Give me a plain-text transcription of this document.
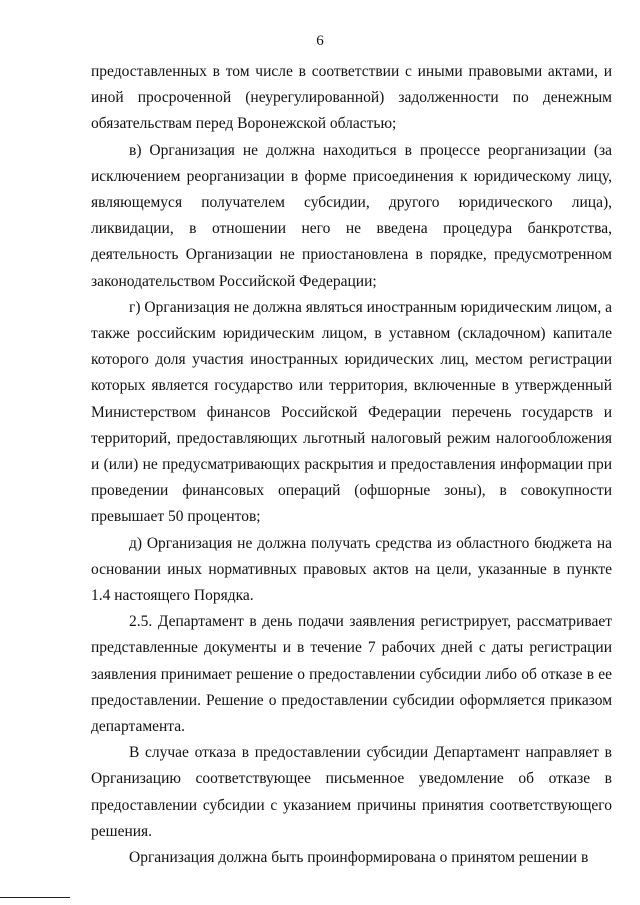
6

предоставленных в том числе в соответствии с иными правовыми актами, и иной просроченной (неурегулированной) задолженности по денежным обязательствам перед Воронежской областью;

в) Организация не должна находиться в процессе реорганизации (за исключением реорганизации в форме присоединения к юридическому лицу, являющемуся получателем субсидии, другого юридического лица), ликвидации, в отношении него не введена процедура банкротства, деятельность Организации не приостановлена в порядке, предусмотренном законодательством Российской Федерации;

г) Организация не должна являться иностранным юридическим лицом, а также российским юридическим лицом, в уставном (складочном) капитале которого доля участия иностранных юридических лиц, местом регистрации которых является государство или территория, включенные в утвержденный Министерством финансов Российской Федерации перечень государств и территорий, предоставляющих льготный налоговый режим налогообложения и (или) не предусматривающих раскрытия и предоставления информации при проведении финансовых операций (офшорные зоны), в совокупности превышает 50 процентов;

д) Организация не должна получать средства из областного бюджета на основании иных нормативных правовых актов на цели, указанные в пункте 1.4 настоящего Порядка.

2.5. Департамент в день подачи заявления регистрирует, рассматривает представленные документы и в течение 7 рабочих дней с даты регистрации заявления принимает решение о предоставлении субсидии либо об отказе в ее предоставлении. Решение о предоставлении субсидии оформляется приказом департамента.

В случае отказа в предоставлении субсидии Департамент направляет в Организацию соответствующее письменное уведомление об отказе в предоставлении субсидии с указанием причины принятия соответствующего решения.

Организация должна быть проинформирована о принятом решении в
